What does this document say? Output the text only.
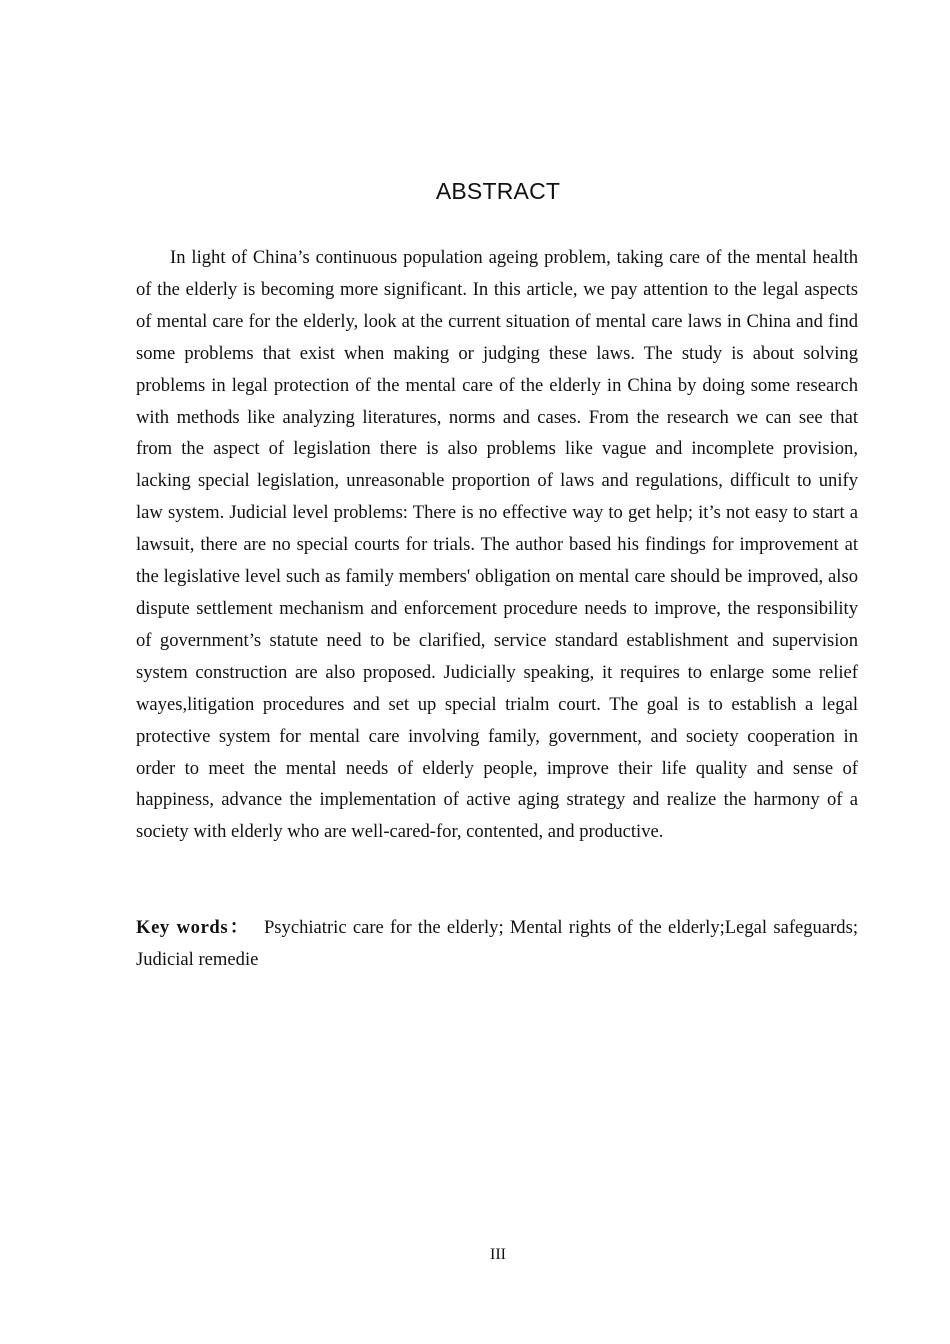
ABSTRACT

In light of China’s continuous population ageing problem, taking care of the mental health of the elderly is becoming more significant. In this article, we pay attention to the legal aspects of mental care for the elderly, look at the current situation of mental care laws in China and find some problems that exist when making or judging these laws. The study is about solving problems in legal protection of the mental care of the elderly in China by doing some research with methods like analyzing literatures, norms and cases. From the research we can see that from the aspect of legislation there is also problems like vague and incomplete provision, lacking special legislation, unreasonable proportion of laws and regulations, difficult to unify law system. Judicial level problems: There is no effective way to get help; it’s not easy to start a lawsuit, there are no special courts for trials. The author based his findings for improvement at the legislative level such as family members' obligation on mental care should be improved, also dispute settlement mechanism and enforcement procedure needs to improve, the responsibility of government’s statute need to be clarified, service standard establishment and supervision system construction are also proposed. Judicially speaking, it requires to enlarge some relief wayes,litigation procedures and set up special trialm court. The goal is to establish a legal protective system for mental care involving family, government, and society cooperation in order to meet the mental needs of elderly people, improve their life quality and sense of happiness, advance the implementation of active aging strategy and realize the harmony of a society with elderly who are well-cared-for, contented, and productive.

Key words： Psychiatric care for the elderly; Mental rights of the elderly;Legal safeguards; Judicial remedie

III
